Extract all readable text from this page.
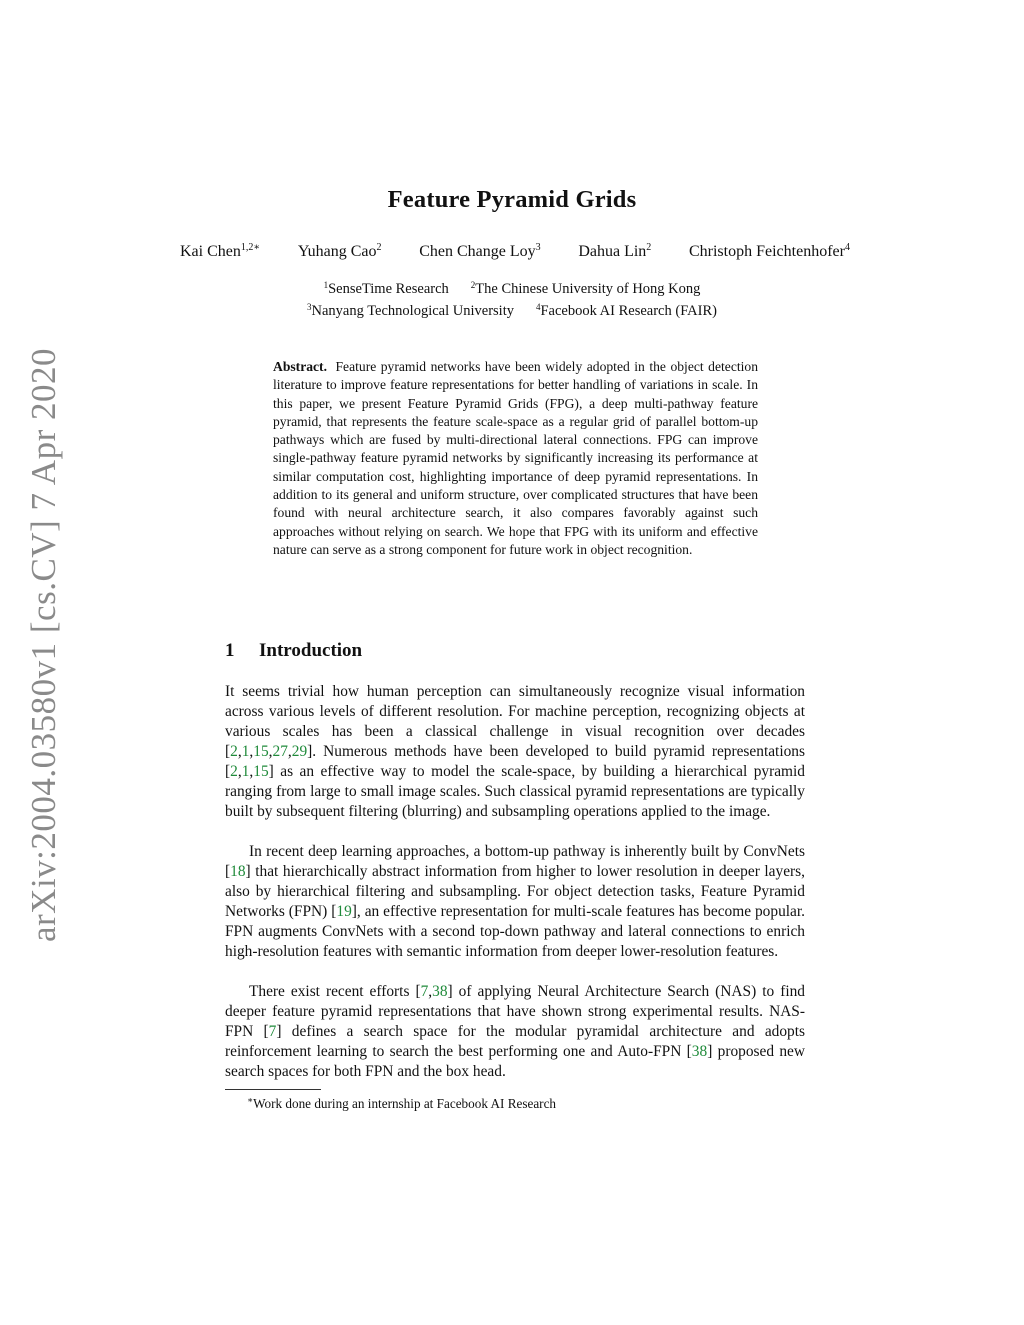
arXiv:2004.03580v1 [cs.CV] 7 Apr 2020
Feature Pyramid Grids
Kai Chen$^{1,2∗}$ Yuhang Cao$^2$ Chen Change Loy$^3$ Dahua Lin$^2$ Christoph Feichtenhofer$^4$
$^1$SenseTime Research $^2$The Chinese University of Hong Kong
$^3$Nanyang Technological University $^4$Facebook AI Research (FAIR)

Abstract. Feature pyramid networks have been widely adopted in the object detection literature to improve feature representations for better handling of variations in scale. In this paper, we present Feature Pyramid Grids (FPG), a deep multi-pathway feature pyramid, that represents the feature scale-space as a regular grid of parallel bottom-up pathways which are fused by multi-directional lateral connections. FPG can improve single-pathway feature pyramid networks by significantly increasing its performance at similar computation cost, highlighting importance of deep pyramid representations. In addition to its general and uniform structure, over complicated structures that have been found with neural architecture search, it also compares favorably against such approaches without relying on search. We hope that FPG with its uniform and effective nature can serve as a strong component for future work in object recognition.

1 Introduction

It seems trivial how human perception can simultaneously recognize visual information across various levels of different resolution. For machine perception, recognizing objects at various scales has been a classical challenge in visual recognition over decades [2,1,15,27,29]. Numerous methods have been developed to build pyramid representations [2,1,15] as an effective way to model the scale-space, by building a hierarchical pyramid ranging from large to small image scales. Such classical pyramid representations are typically built by subsequent filtering (blurring) and subsampling operations applied to the image.

In recent deep learning approaches, a bottom-up pathway is inherently built by ConvNets [18] that hierarchically abstract information from higher to lower resolution in deeper layers, also by hierarchical filtering and subsampling. For object detection tasks, Feature Pyramid Networks (FPN) [19], an effective representation for multi-scale features has become popular. FPN augments ConvNets with a second top-down pathway and lateral connections to enrich high-resolution features with semantic information from deeper lower-resolution features.

There exist recent efforts [7,38] of applying Neural Architecture Search (NAS) to find deeper feature pyramid representations that have shown strong experimental results. NAS-FPN [7] defines a search space for the modular pyramidal architecture and adopts reinforcement learning to search the best performing one and Auto-FPN [38] proposed new search spaces for both FPN and the box head.

∗Work done during an internship at Facebook AI Research
